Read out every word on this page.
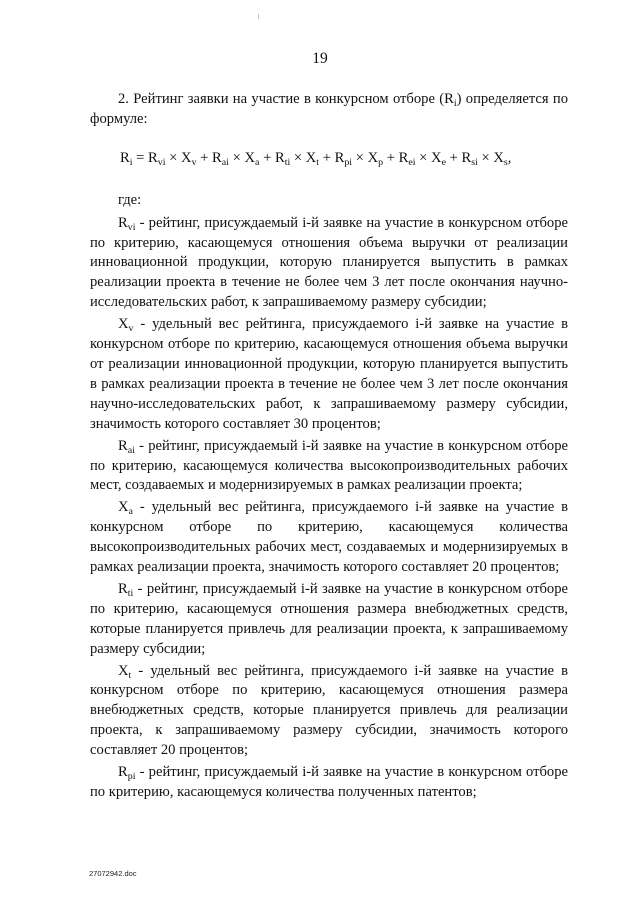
19

2. Рейтинг заявки на участие в конкурсном отборе $(R_i)$ определяется по формуле:

$R_i = R_{vi} \times X_v + R_{ai} \times X_a + R_{ti} \times X_t + R_{pi} \times X_p + R_{ei} \times X_e + R_{si} \times X_s$,

где:

$R_{vi}$ - рейтинг, присуждаемый i-й заявке на участие в конкурсном отборе по критерию, касающемуся отношения объема выручки от реализации инновационной продукции, которую планируется выпустить в рамках реализации проекта в течение не более чем 3 лет после окончания научно-исследовательских работ, к запрашиваемому размеру субсидии;

$X_v$ - удельный вес рейтинга, присуждаемого i-й заявке на участие в конкурсном отборе по критерию, касающемуся отношения объема выручки от реализации инновационной продукции, которую планируется выпустить в рамках реализации проекта в течение не более чем 3 лет после окончания научно-исследовательских работ, к запрашиваемому размеру субсидии, значимость которого составляет 30 процентов;

$R_{ai}$ - рейтинг, присуждаемый i-й заявке на участие в конкурсном отборе по критерию, касающемуся количества высокопроизводительных рабочих мест, создаваемых и модернизируемых в рамках реализации проекта;

$X_a$ - удельный вес рейтинга, присуждаемого i-й заявке на участие в конкурсном отборе по критерию, касающемуся количества высокопроизводительных рабочих мест, создаваемых и модернизируемых в рамках реализации проекта, значимость которого составляет 20 процентов;

$R_{ti}$ - рейтинг, присуждаемый i-й заявке на участие в конкурсном отборе по критерию, касающемуся отношения размера внебюджетных средств, которые планируется привлечь для реализации проекта, к запрашиваемому размеру субсидии;

$X_t$ - удельный вес рейтинга, присуждаемого i-й заявке на участие в конкурсном отборе по критерию, касающемуся отношения размера внебюджетных средств, которые планируется привлечь для реализации проекта, к запрашиваемому размеру субсидии, значимость которого составляет 20 процентов;

$R_{pi}$ - рейтинг, присуждаемый i-й заявке на участие в конкурсном отборе по критерию, касающемуся количества полученных патентов;

27072942.doc
